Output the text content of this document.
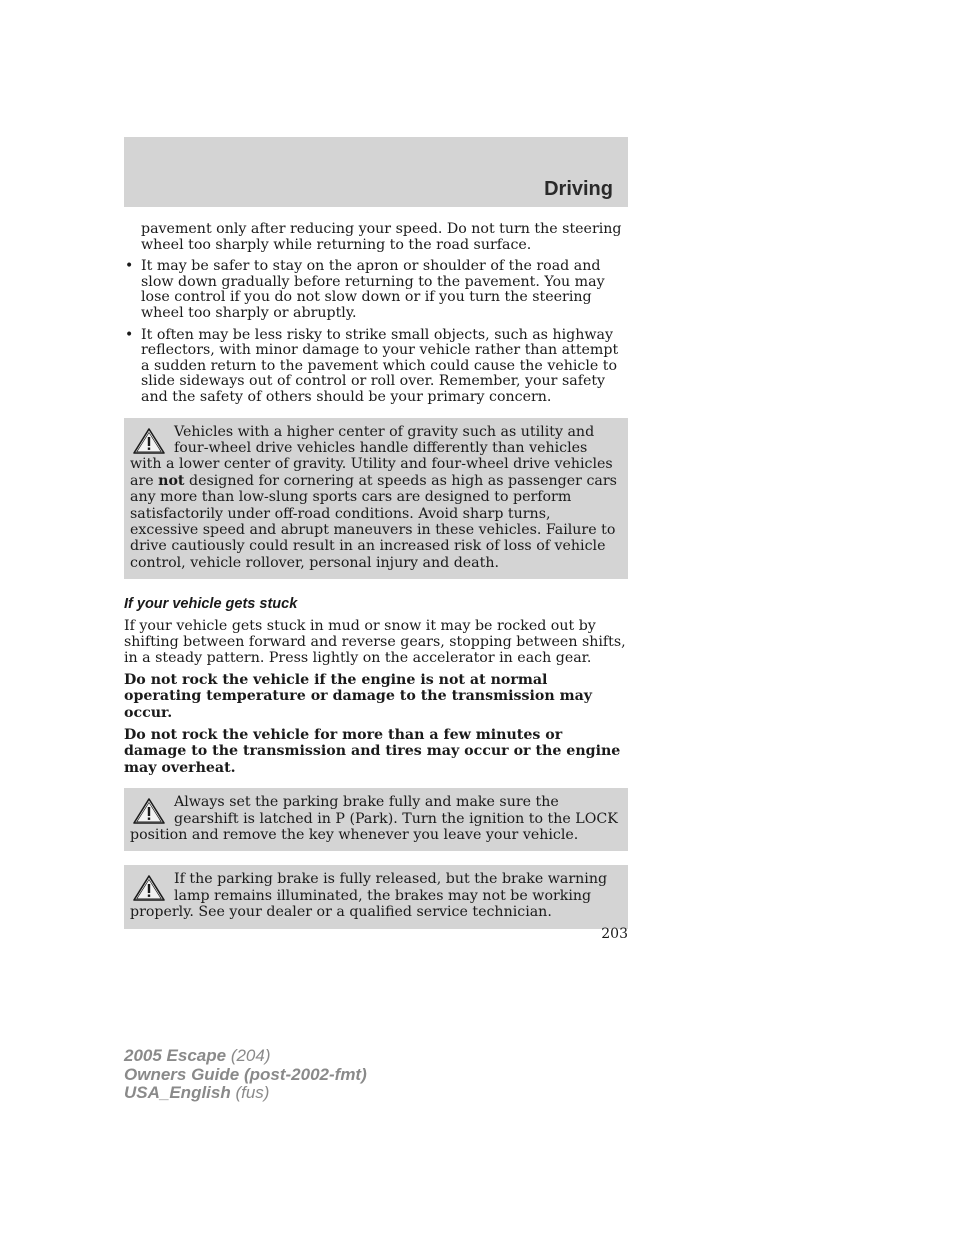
Driving

pavement only after reducing your speed. Do not turn the steering wheel too sharply while returning to the road surface.

• It may be safer to stay on the apron or shoulder of the road and slow down gradually before returning to the pavement. You may lose control if you do not slow down or if you turn the steering wheel too sharply or abruptly.
• It often may be less risky to strike small objects, such as highway reflectors, with minor damage to your vehicle rather than attempt a sudden return to the pavement which could cause the vehicle to slide sideways out of control or roll over. Remember, your safety and the safety of others should be your primary concern.
Vehicles with a higher center of gravity such as utility and four-wheel drive vehicles handle differently than vehicles with a lower center of gravity. Utility and four-wheel drive vehicles are not designed for cornering at speeds as high as passenger cars any more than low-slung sports cars are designed to perform satisfactorily under off-road conditions. Avoid sharp turns, excessive speed and abrupt maneuvers in these vehicles. Failure to drive cautiously could result in an increased risk of loss of vehicle control, vehicle rollover, personal injury and death.
If your vehicle gets stuck

If your vehicle gets stuck in mud or snow it may be rocked out by shifting between forward and reverse gears, stopping between shifts, in a steady pattern. Press lightly on the accelerator in each gear.

Do not rock the vehicle if the engine is not at normal operating temperature or damage to the transmission may occur.

Do not rock the vehicle for more than a few minutes or damage to the transmission and tires may occur or the engine may overheat.

Always set the parking brake fully and make sure the gearshift is latched in P (Park). Turn the ignition to the LOCK position and remove the key whenever you leave your vehicle.
If the parking brake is fully released, but the brake warning lamp remains illuminated, the brakes may not be working properly. See your dealer or a qualified service technician.
203
2005 Escape (204)
Owners Guide (post-2002-fmt)
USA_English (fus)
